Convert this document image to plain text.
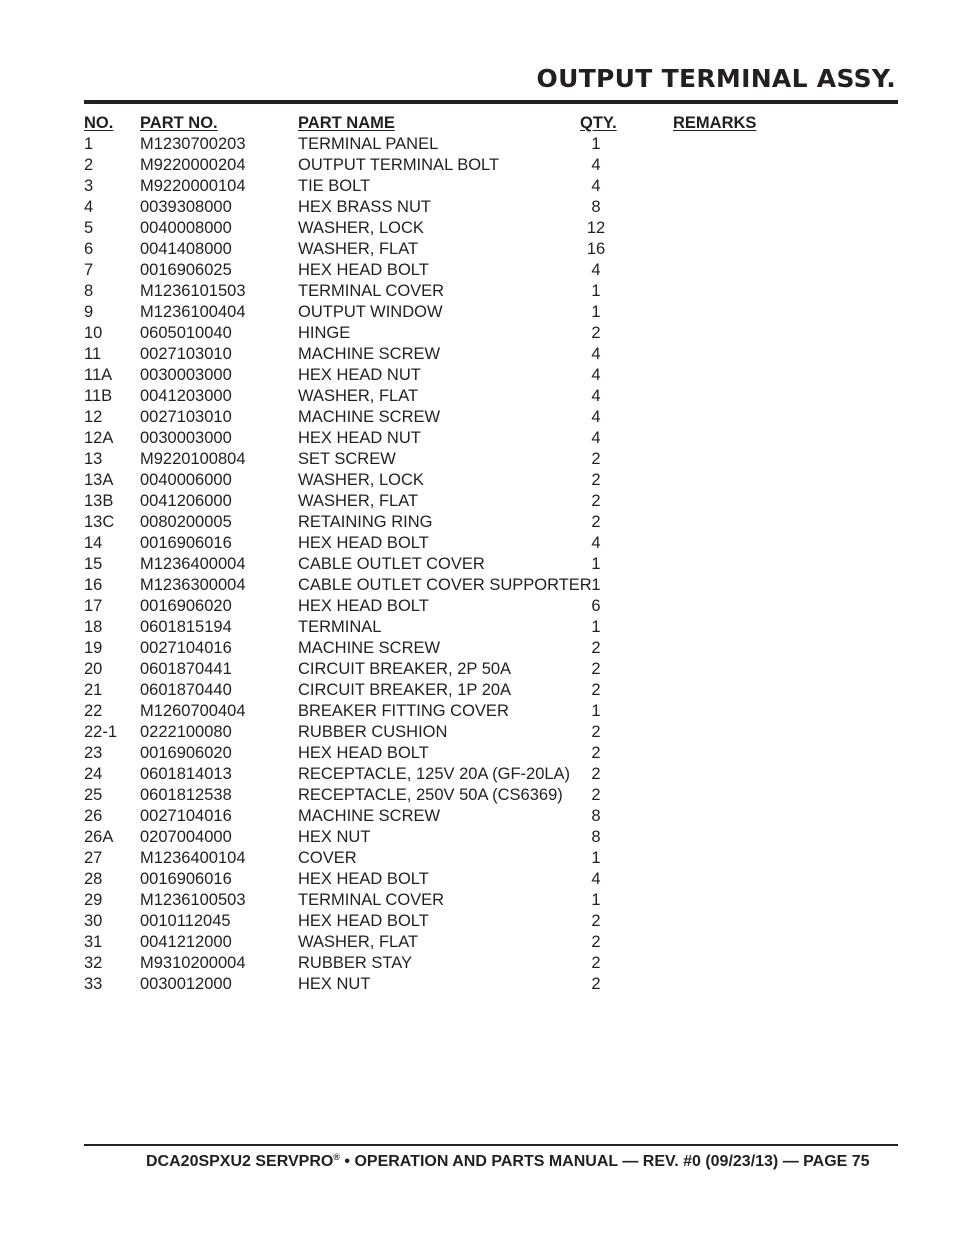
OUTPUT TERMINAL ASSY.
NO. PART NO.	PART NAME	QTY.	REMARKS
1	M1230700203	TERMINAL PANEL	1
2	M9220000204	OUTPUT TERMINAL BOLT	4
3	M9220000104	TIE BOLT	4
4	0039308000	HEX BRASS NUT	8
5	0040008000	WASHER, LOCK	12
6	0041408000	WASHER, FLAT	16
7	0016906025	HEX HEAD BOLT	4
8	M1236101503	TERMINAL COVER	1
9	M1236100404	OUTPUT WINDOW	1
10 0605010040	HINGE	2
11 0027103010	MACHINE SCREW	4
11A 0030003000	HEX HEAD NUT	4
11B 0041203000	WASHER, FLAT	4
12 0027103010	MACHINE SCREW	4
12A 0030003000	HEX HEAD NUT	4
13 M9220100804	SET SCREW	2
13A 0040006000	WASHER, LOCK	2
13B 0041206000	WASHER, FLAT	2
13C 0080200005	RETAINING RING	2
14 0016906016	HEX HEAD BOLT	4
15 M1236400004	CABLE OUTLET COVER	1
16 M1236300004	CABLE OUTLET COVER SUPPORTER 1
17 0016906020	HEX HEAD BOLT	6
18 0601815194	TERMINAL	1
19 0027104016	MACHINE SCREW	2
20 0601870441	CIRCUIT BREAKER, 2P 50A	2
21 0601870440	CIRCUIT BREAKER, 1P 20A	2
22 M1260700404	BREAKER FITTING COVER	1
22-1 0222100080	RUBBER CUSHION	2
23 0016906020	HEX HEAD BOLT	2
24 0601814013	RECEPTACLE, 125V 20A (GF-20LA)	2
25 0601812538	RECEPTACLE, 250V 50A (CS6369)	2
26 0027104016	MACHINE SCREW	8
26A 0207004000	HEX NUT	8
27 M1236400104	COVER	1
28 0016906016	HEX HEAD BOLT	4
29 M1236100503	TERMINAL COVER	1
30 0010112045	HEX HEAD BOLT	2
31 0041212000	WASHER, FLAT	2
32 M9310200004	RUBBER STAY	2
33 0030012000	HEX NUT	2
DCA20SPXU2 SERVPRO® • OPERATION AND PARTS MANUAL — REV. #0 (09/23/13) — PAGE 75
